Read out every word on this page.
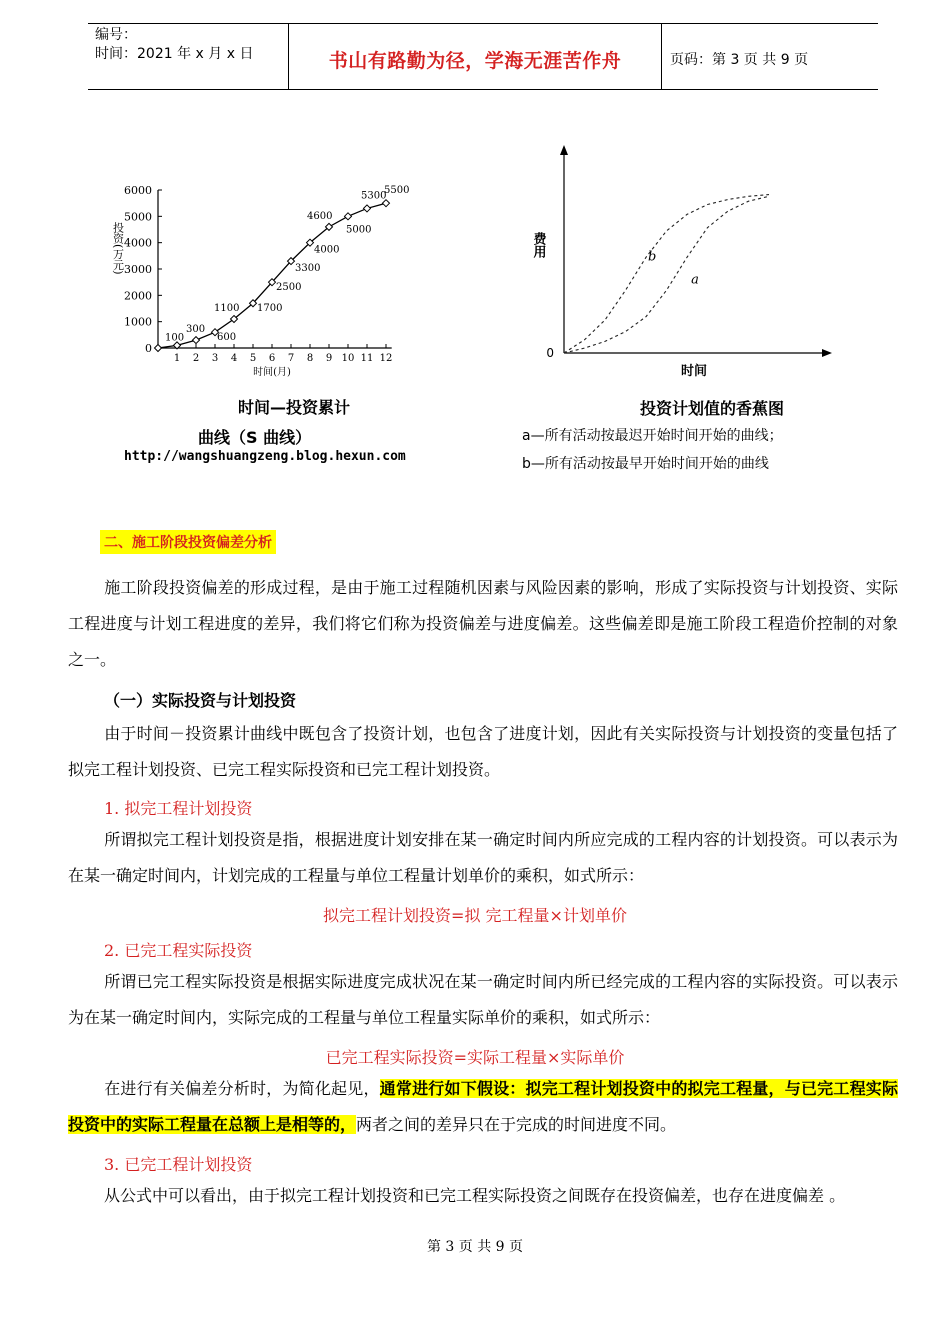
编号：
时间：2021 年 x 月 x 日	书山有路勤为径，学海无涯苦作舟	页码：第 3 页 共 9 页
0
1000
2000
3000
4000
5000
6000
1 2 3 4 5 6 7 8 9 10 11 12
时间(月)
投资(万元)
100
300
600
1100 1700
2500
3300
4000
4600
5000
5300
5500
时间—投资累计
曲线（S 曲线）
http://wangshuangzeng.blog.hexun.com
0
时间
费用
a
b
投资计划值的香蕉图
a—所有活动按最迟开始时间开始的曲线；
b—所有活动按最早开始时间开始的曲线
二、施工阶段投资偏差分析
施工阶段投资偏差的形成过程，是由于施工过程随机因素与风险因素的影响，形成了实际投资与计划投资、实际工程进度与计划工程进度的差异，我们将它们称为投资偏差与进度偏差。这些偏差即是施工阶段工程造价控制的对象之一。
（一）实际投资与计划投资
由于时间－投资累计曲线中既包含了投资计划，也包含了进度计划，因此有关实际投资与计划投资的变量包括了拟完工程计划投资、已完工程实际投资和已完工程计划投资。
1. 拟完工程计划投资
所谓拟完工程计划投资是指，根据进度计划安排在某一确定时间内所应完成的工程内容的计划投资。可以表示为在某一确定时间内，计划完成的工程量与单位工程量计划单价的乘积，如式所示：
拟完工程计划投资=拟 完工程量×计划单价
2. 已完工程实际投资
所谓已完工程实际投资是根据实际进度完成状况在某一确定时间内所已经完成的工程内容的实际投资。可以表示为在某一确定时间内，实际完成的工程量与单位工程量实际单价的乘积，如式所示：
已完工程实际投资=实际工程量×实际单价
在进行有关偏差分析时，为简化起见，通常进行如下假设：拟完工程计划投资中的拟完工程量，与已完工程实际投资中的实际工程量在总额上是相等的，两者之间的差异只在于完成的时间进度不同。
3. 已完工程计划投资
从公式中可以看出，由于拟完工程计划投资和已完工程实际投资之间既存在投资偏差，也存在进度偏差 。
第 3 页 共 9 页
